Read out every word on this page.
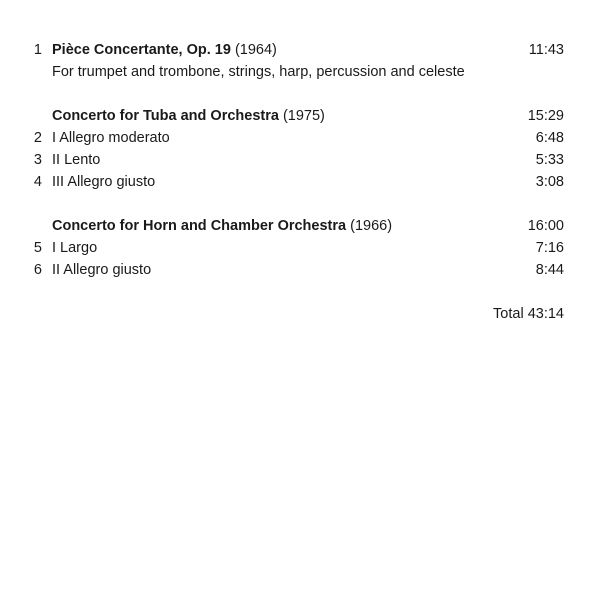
1 Pièce Concertante, Op. 19 (1964)	11:43
For trumpet and trombone, strings, harp, percussion and celeste
Concerto for Tuba and Orchestra (1975)	15:29
2 I Allegro moderato	6:48
3 II Lento	5:33
4 III Allegro giusto	3:08
Concerto for Horn and Chamber Orchestra (1966)	16:00
5 I Largo	7:16
6 II Allegro giusto	8:44
Total 43:14
